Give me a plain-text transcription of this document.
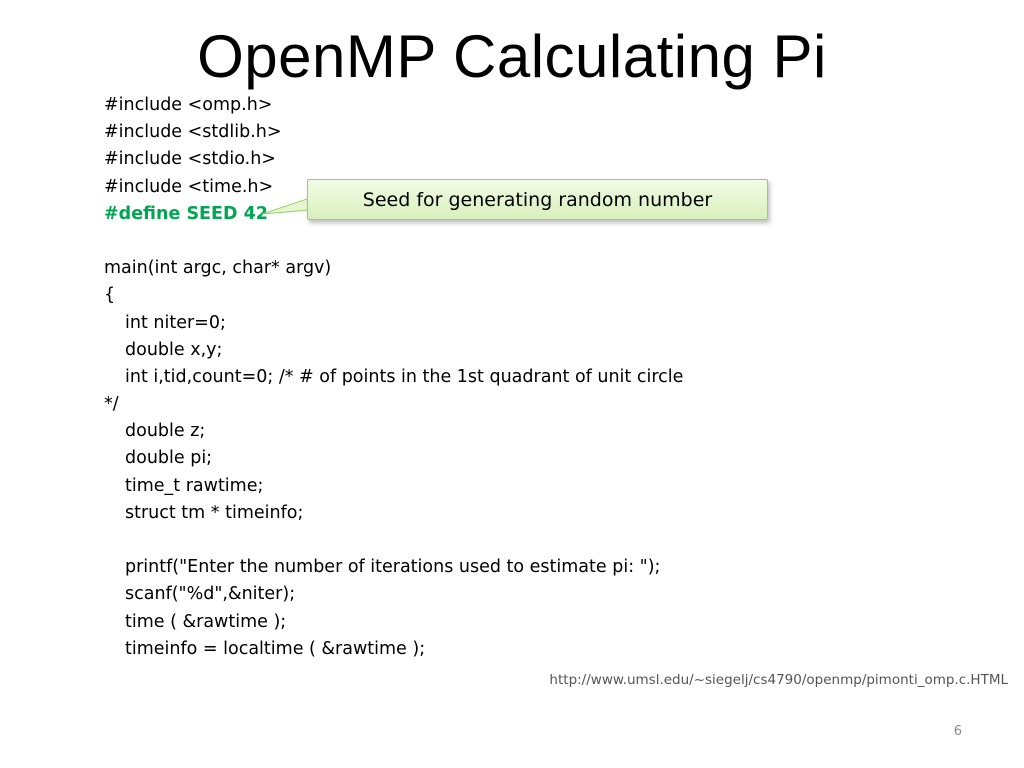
OpenMP Calculating Pi
#include <omp.h>
#include <stdlib.h>
#include <stdio.h>
#include <time.h>
#define SEED 42
main(int argc, char* argv)
{
int niter=0;
double x,y;
int i,tid,count=0; /* # of points in the 1st quadrant of unit circle
*/
double z;
double pi;
time_t rawtime;
struct tm * timeinfo;
printf("Enter the number of iterations used to estimate pi: ");
scanf("%d",&niter);
time ( &rawtime );
timeinfo = localtime ( &rawtime );
Seed for generating random number
http://www.umsl.edu/~siegelj/cs4790/openmp/pimonti_omp.c.HTML
6
